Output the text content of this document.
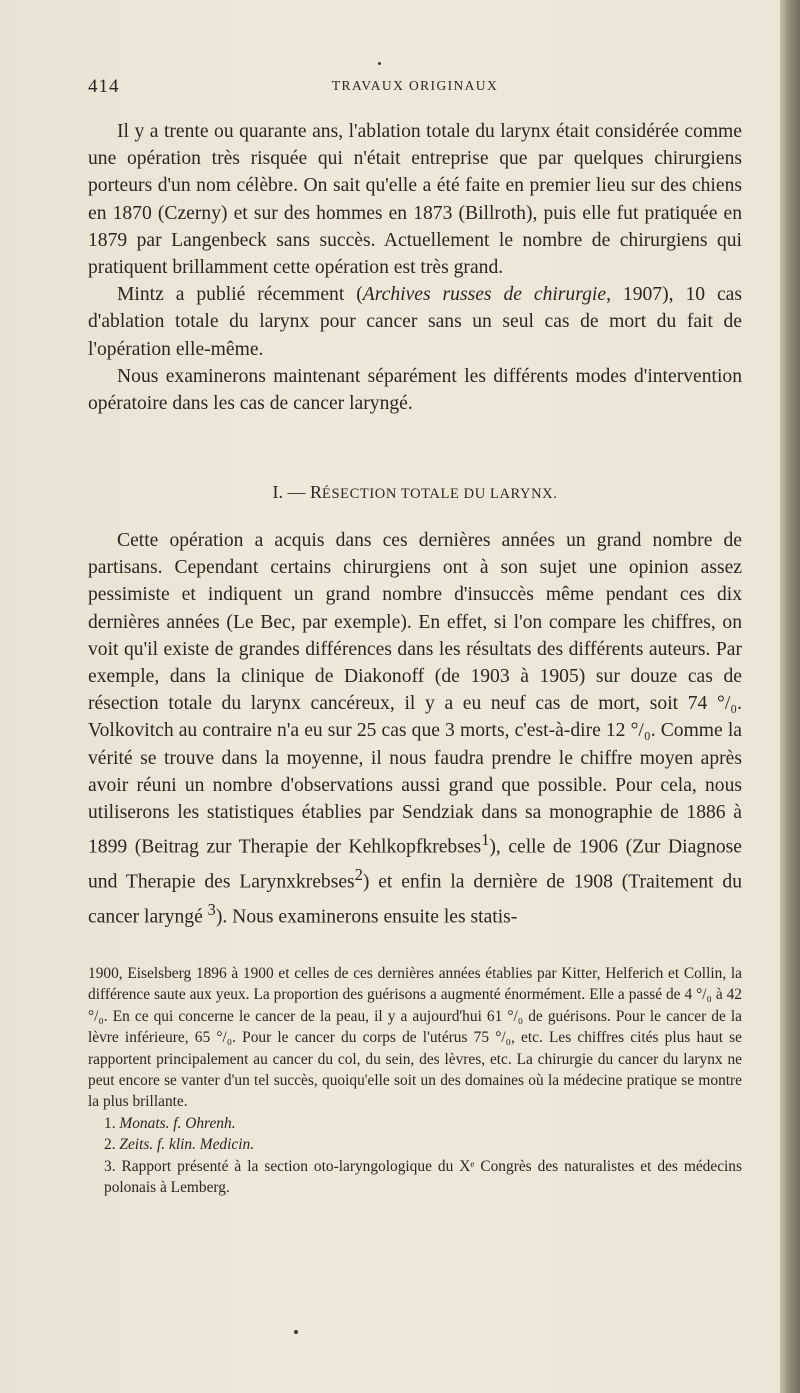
414	TRAVAUX ORIGINAUX

Il y a trente ou quarante ans, l'ablation totale du larynx était considérée comme une opération très risquée qui n'était entreprise que par quelques chirurgiens porteurs d'un nom célèbre. On sait qu'elle a été faite en premier lieu sur des chiens en 1870 (Czerny) et sur des hommes en 1873 (Billroth), puis elle fut pratiquée en 1879 par Langenbeck sans succès. Actuellement le nombre de chirurgiens qui pratiquent brillamment cette opération est très grand.

Mintz a publié récemment (Archives russes de chirurgie, 1907), 10 cas d'ablation totale du larynx pour cancer sans un seul cas de mort du fait de l'opération elle-même.

Nous examinerons maintenant séparément les différents modes d'intervention opératoire dans les cas de cancer laryngé.

I. — RÉSECTION TOTALE DU LARYNX.

Cette opération a acquis dans ces dernières années un grand nombre de partisans. Cependant certains chirurgiens ont à son sujet une opinion assez pessimiste et indiquent un grand nombre d'insuccès même pendant ces dix dernières années (Le Bec, par exemple). En effet, si l'on compare les chiffres, on voit qu'il existe de grandes différences dans les résultats des différents auteurs. Par exemple, dans la clinique de Diakonoff (de 1903 à 1905) sur douze cas de résection totale du larynx cancéreux, il y a eu neuf cas de mort, soit 74 °/₀. Volkovitch au contraire n'a eu sur 25 cas que 3 morts, c'est-à-dire 12 °/₀. Comme la vérité se trouve dans la moyenne, il nous faudra prendre le chiffre moyen après avoir réuni un nombre d'observations aussi grand que possible. Pour cela, nous utiliserons les statistiques établies par Sendziak dans sa monographie de 1886 à 1899 (Beitrag zur Therapie der Kehlkopfkrebses$^1$), celle de 1906 (Zur Diagnose und Therapie des Larynxkrebses$^2$) et enfin la dernière de 1908 (Traitement du cancer laryngé $^3$). Nous examinerons ensuite les statis-

1900, Eiselsberg 1896 à 1900 et celles de ces dernières années établies par Kitter, Helferich et Collin, la différence saute aux yeux. La proportion des guérisons a augmenté énormément. Elle a passé de 4 °/₀ à 42 °/₀. En ce qui concerne le cancer de la peau, il y a aujourd'hui 61 °/₀ de guérisons. Pour le cancer de la lèvre inférieure, 65 °/₀. Pour le cancer du corps de l'utérus 75 °/₀, etc. Les chiffres cités plus haut se rapportent principalement au cancer du col, du sein, des lèvres, etc. La chirurgie du cancer du larynx ne peut encore se vanter d'un tel succès, quoiqu'elle soit un des domaines où la médecine pratique se montre la plus brillante.

1. Monats. f. Ohrenh.

2. Zeits. f. klin. Medicin.

3. Rapport présenté à la section oto-laryngologique du Xᵉ Congrès des naturalistes et des médecins polonais à Lemberg.
